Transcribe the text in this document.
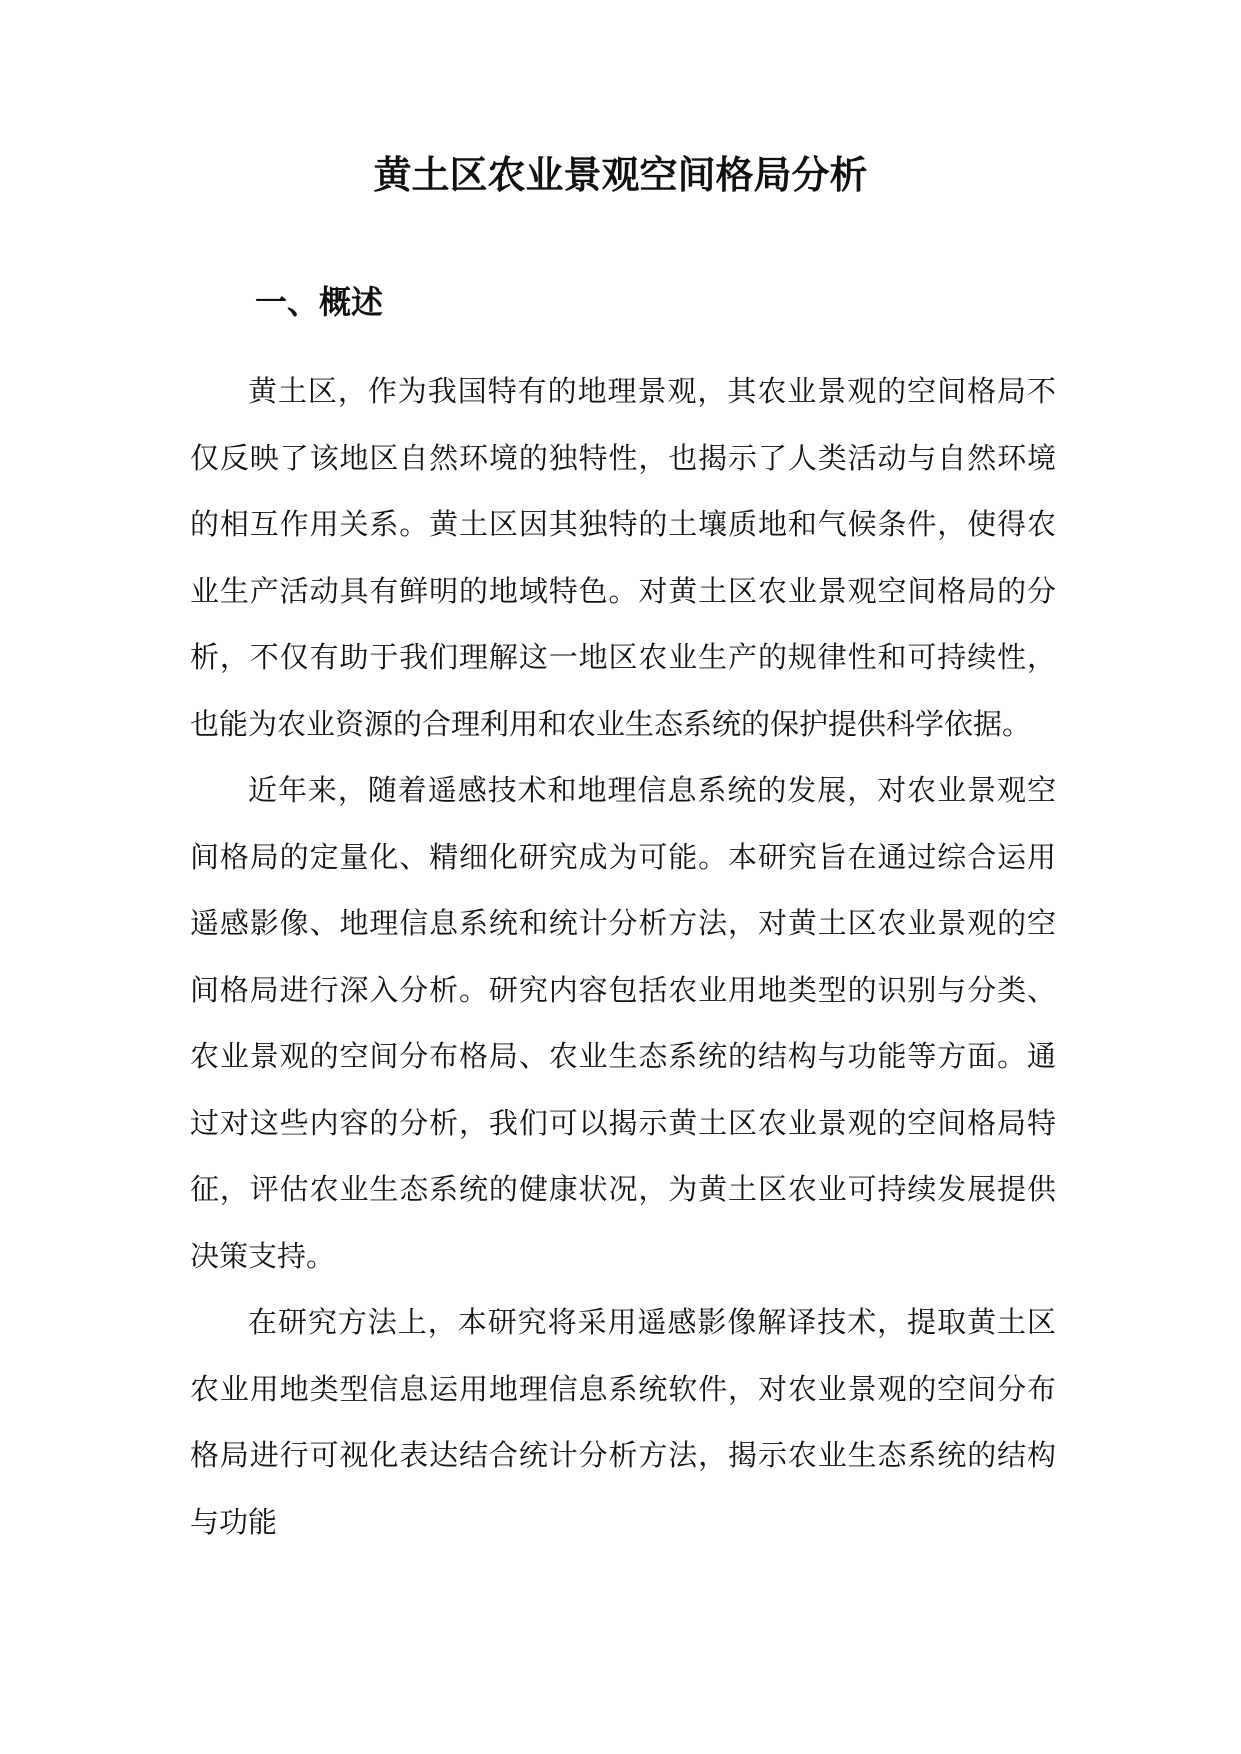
黄土区农业景观空间格局分析
一、概述

黄土区，作为我国特有的地理景观，其农业景观的空间格局不仅反映了该地区自然环境的独特性，也揭示了人类活动与自然环境的相互作用关系。黄土区因其独特的土壤质地和气候条件，使得农业生产活动具有鲜明的地域特色。对黄土区农业景观空间格局的分析，不仅有助于我们理解这一地区农业生产的规律性和可持续性，也能为农业资源的合理利用和农业生态系统的保护提供科学依据。

近年来，随着遥感技术和地理信息系统的发展，对农业景观空间格局的定量化、精细化研究成为可能。本研究旨在通过综合运用遥感影像、地理信息系统和统计分析方法，对黄土区农业景观的空间格局进行深入分析。研究内容包括农业用地类型的识别与分类、农业景观的空间分布格局、农业生态系统的结构与功能等方面。通过对这些内容的分析，我们可以揭示黄土区农业景观的空间格局特征，评估农业生态系统的健康状况，为黄土区农业可持续发展提供决策支持。

在研究方法上，本研究将采用遥感影像解译技术，提取黄土区农业用地类型信息运用地理信息系统软件，对农业景观的空间分布格局进行可视化表达结合统计分析方法，揭示农业生态系统的结构与功能
